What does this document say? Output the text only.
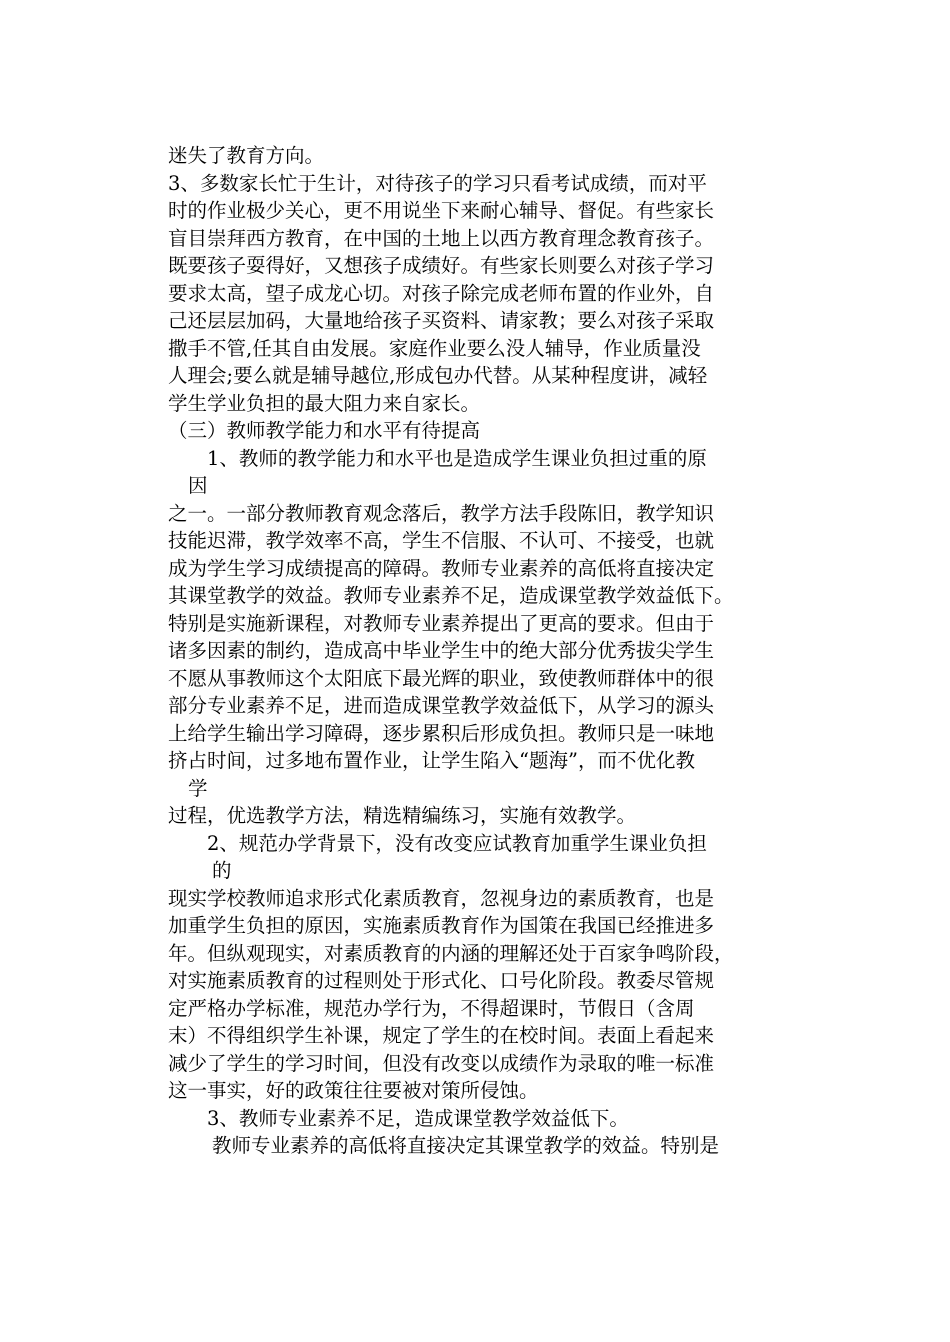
迷失了教育方向。
3、多数家长忙于生计，对待孩子的学习只看考试成绩，而对平
时的作业极少关心，更不用说坐下来耐心辅导、督促。有些家长
盲目崇拜西方教育，在中国的土地上以西方教育理念教育孩子。
既要孩子耍得好，又想孩子成绩好。有些家长则要么对孩子学习
要求太高，望子成龙心切。对孩子除完成老师布置的作业外，自
己还层层加码，大量地给孩子买资料、请家教；要么对孩子采取
撒手不管,任其自由发展。家庭作业要么没人辅导，作业质量没
人理会;要么就是辅导越位,形成包办代替。从某种程度讲，减轻
学生学业负担的最大阻力来自家长。
（三）教师教学能力和水平有待提高
1、教师的教学能力和水平也是造成学生课业负担过重的原
因
之一。一部分教师教育观念落后，教学方法手段陈旧，教学知识
技能迟滞，教学效率不高，学生不信服、不认可、不接受，也就
成为学生学习成绩提高的障碍。教师专业素养的高低将直接决定
其课堂教学的效益。教师专业素养不足，造成课堂教学效益低下。
特别是实施新课程，对教师专业素养提出了更高的要求。但由于
诸多因素的制约，造成高中毕业学生中的绝大部分优秀拔尖学生
不愿从事教师这个太阳底下最光辉的职业，致使教师群体中的很
部分专业素养不足，进而造成课堂教学效益低下，从学习的源头
上给学生输出学习障碍，逐步累积后形成负担。教师只是一味地
挤占时间，过多地布置作业，让学生陷入“题海”，而不优化教
学
过程，优选教学方法，精选精编练习，实施有效教学。
2、规范办学背景下，没有改变应试教育加重学生课业负担
的
现实学校教师追求形式化素质教育，忽视身边的素质教育，也是
加重学生负担的原因，实施素质教育作为国策在我国已经推进多
年。但纵观现实，对素质教育的内涵的理解还处于百家争鸣阶段，
对实施素质教育的过程则处于形式化、口号化阶段。教委尽管规
定严格办学标准，规范办学行为，不得超课时，节假日（含周
末）不得组织学生补课，规定了学生的在校时间。表面上看起来
减少了学生的学习时间，但没有改变以成绩作为录取的唯一标准
这一事实，好的政策往往要被对策所侵蚀。
3、教师专业素养不足，造成课堂教学效益低下。
教师专业素养的高低将直接决定其课堂教学的效益。特别是
